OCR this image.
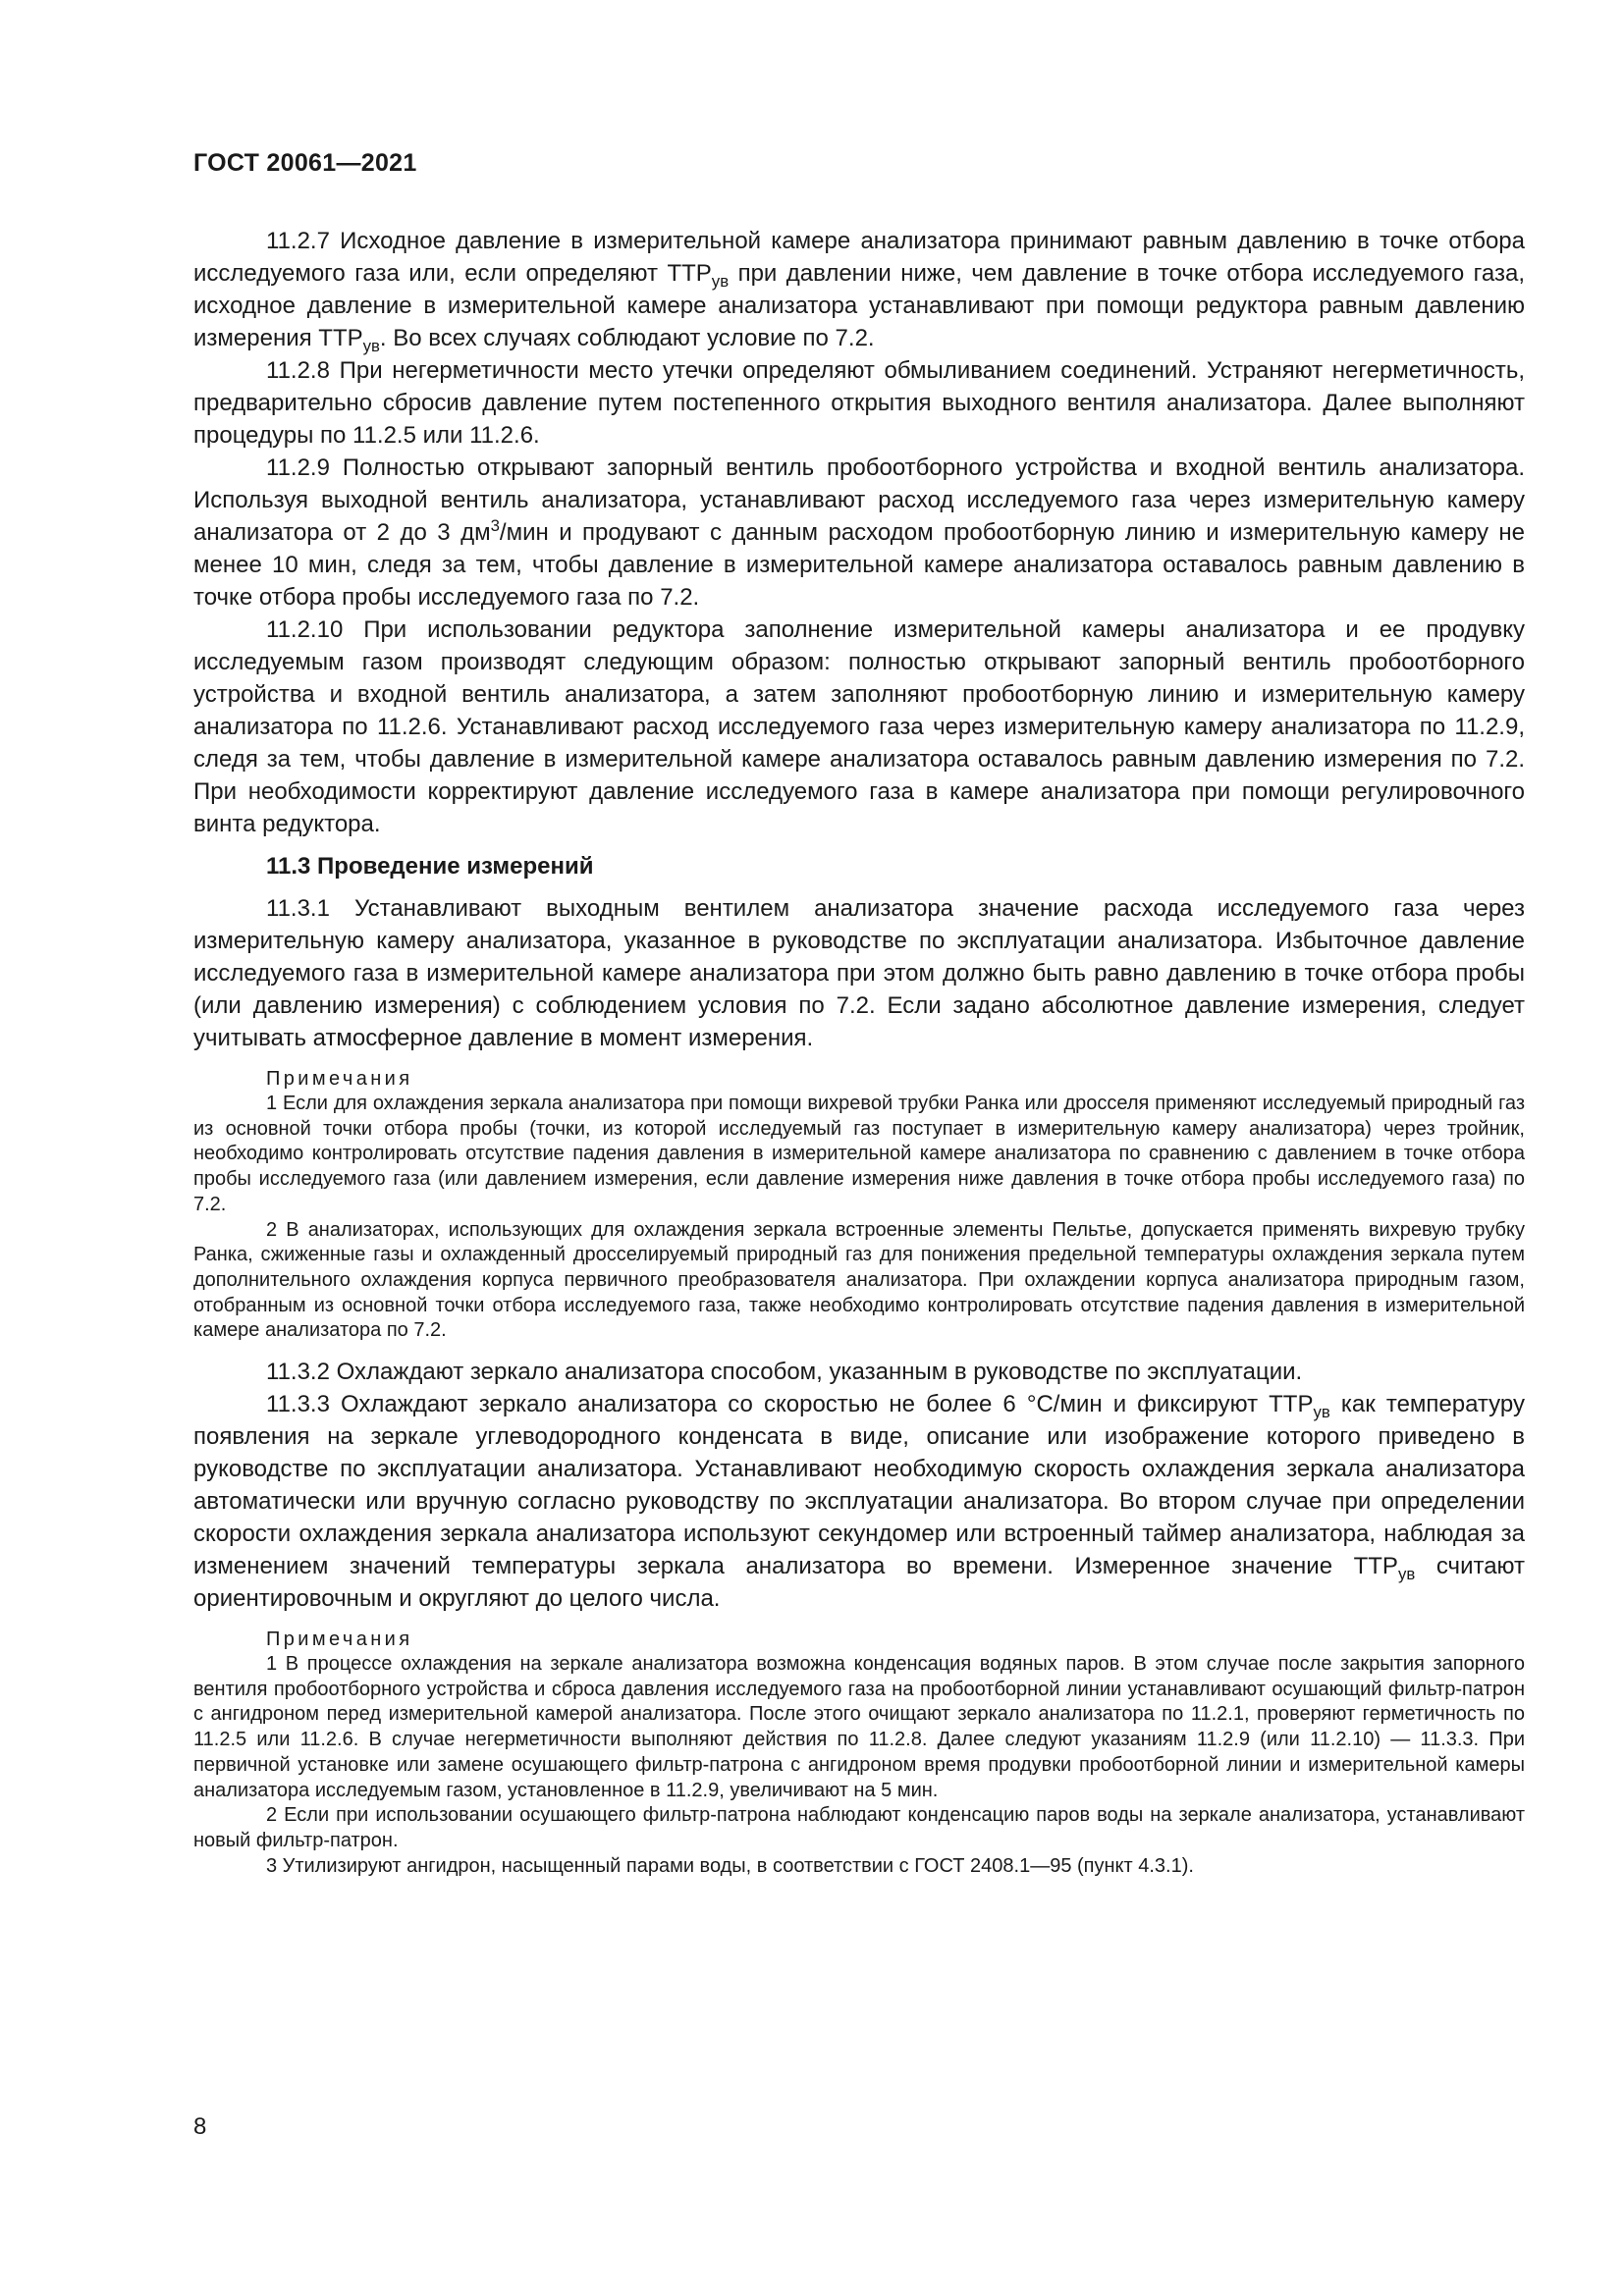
ГОСТ 20061—2021

11.2.7 Исходное давление в измерительной камере анализатора принимают равным давлению в точке отбора исследуемого газа или, если определяют $ТТР_{ув}$ при давлении ниже, чем давление в точке отбора исследуемого газа, исходное давление в измерительной камере анализатора устанавливают при помощи редуктора равным давлению измерения $ТТР_{ув}$. Во всех случаях соблюдают условие по 7.2.

11.2.8 При негерметичности место утечки определяют обмыливанием соединений. Устраняют негерметичность, предварительно сбросив давление путем постепенного открытия выходного вентиля анализатора. Далее выполняют процедуры по 11.2.5 или 11.2.6.

11.2.9 Полностью открывают запорный вентиль пробоотборного устройства и входной вентиль анализатора. Используя выходной вентиль анализатора, устанавливают расход исследуемого газа через измерительную камеру анализатора от 2 до 3 $дм^3$/мин и продувают с данным расходом пробоотборную линию и измерительную камеру не менее 10 мин, следя за тем, чтобы давление в измерительной камере анализатора оставалось равным давлению в точке отбора пробы исследуемого газа по 7.2.

11.2.10 При использовании редуктора заполнение измерительной камеры анализатора и ее продувку исследуемым газом производят следующим образом: полностью открывают запорный вентиль пробоотборного устройства и входной вентиль анализатора, а затем заполняют пробоотборную линию и измерительную камеру анализатора по 11.2.6. Устанавливают расход исследуемого газа через измерительную камеру анализатора по 11.2.9, следя за тем, чтобы давление в измерительной камере анализатора оставалось равным давлению измерения по 7.2. При необходимости корректируют давление исследуемого газа в камере анализатора при помощи регулировочного винта редуктора.

11.3 Проведение измерений

11.3.1 Устанавливают выходным вентилем анализатора значение расхода исследуемого газа через измерительную камеру анализатора, указанное в руководстве по эксплуатации анализатора. Избыточное давление исследуемого газа в измерительной камере анализатора при этом должно быть равно давлению в точке отбора пробы (или давлению измерения) с соблюдением условия по 7.2. Если задано абсолютное давление измерения, следует учитывать атмосферное давление в момент измерения.

Примечания

1 Если для охлаждения зеркала анализатора при помощи вихревой трубки Ранка или дросселя применяют исследуемый природный газ из основной точки отбора пробы (точки, из которой исследуемый газ поступает в измерительную камеру анализатора) через тройник, необходимо контролировать отсутствие падения давления в измерительной камере анализатора по сравнению с давлением в точке отбора пробы исследуемого газа (или давлением измерения, если давление измерения ниже давления в точке отбора пробы исследуемого газа) по 7.2.

2 В анализаторах, использующих для охлаждения зеркала встроенные элементы Пельтье, допускается применять вихревую трубку Ранка, сжиженные газы и охлажденный дросселируемый природный газ для понижения предельной температуры охлаждения зеркала путем дополнительного охлаждения корпуса первичного преобразователя анализатора. При охлаждении корпуса анализатора природным газом, отобранным из основной точки отбора исследуемого газа, также необходимо контролировать отсутствие падения давления в измерительной камере анализатора по 7.2.

11.3.2 Охлаждают зеркало анализатора способом, указанным в руководстве по эксплуатации.

11.3.3 Охлаждают зеркало анализатора со скоростью не более 6 °С/мин и фиксируют $ТТР_{ув}$ как температуру появления на зеркале углеводородного конденсата в виде, описание или изображение которого приведено в руководстве по эксплуатации анализатора. Устанавливают необходимую скорость охлаждения зеркала анализатора автоматически или вручную согласно руководству по эксплуатации анализатора. Во втором случае при определении скорости охлаждения зеркала анализатора используют секундомер или встроенный таймер анализатора, наблюдая за изменением значений температуры зеркала анализатора во времени. Измеренное значение $ТТР_{ув}$ считают ориентировочным и округляют до целого числа.

Примечания

1 В процессе охлаждения на зеркале анализатора возможна конденсация водяных паров. В этом случае после закрытия запорного вентиля пробоотборного устройства и сброса давления исследуемого газа на пробоотборной линии устанавливают осушающий фильтр-патрон с ангидроном перед измерительной камерой анализатора. После этого очищают зеркало анализатора по 11.2.1, проверяют герметичность по 11.2.5 или 11.2.6. В случае негерметичности выполняют действия по 11.2.8. Далее следуют указаниям 11.2.9 (или 11.2.10) — 11.3.3. При первичной установке или замене осушающего фильтр-патрона с ангидроном время продувки пробоотборной линии и измерительной камеры анализатора исследуемым газом, установленное в 11.2.9, увеличивают на 5 мин.

2 Если при использовании осушающего фильтр-патрона наблюдают конденсацию паров воды на зеркале анализатора, устанавливают новый фильтр-патрон.

3 Утилизируют ангидрон, насыщенный парами воды, в соответствии с ГОСТ 2408.1—95 (пункт 4.3.1).

8
